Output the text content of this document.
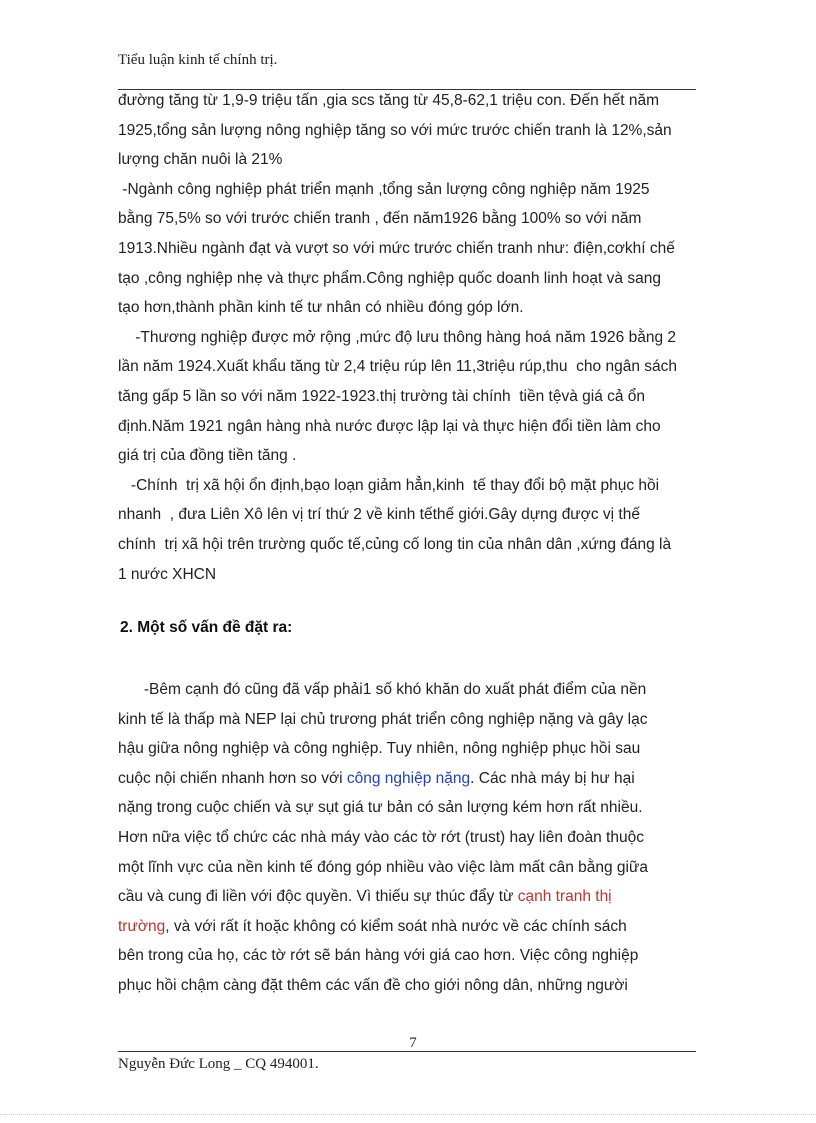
Tiểu luận kinh tế chính trị.
đường tăng từ 1,9-9 triệu tấn ,gia scs tăng từ 45,8-62,1 triệu con. Đến hết năm
1925,tổng sản lượng nông nghiệp tăng so với mức trước chiến tranh là 12%,sản
lượng chăn nuôi là 21%
-Ngành công nghiệp phát triển mạnh ,tổng sản lượng công nghiệp năm 1925
bằng 75,5% so với trước chiến tranh , đến năm1926 bằng 100% so với năm
1913.Nhiều ngành đạt và vượt so với mức trước chiến tranh như: điện,cơkhí chế
tạo ,công nghiệp nhẹ và thực phẩm.Công nghiệp quốc doanh linh hoạt và sang
tạo hơn,thành phần kinh tế tư nhân có nhiều đóng góp lớn.
-Thương nghiệp được mở rộng ,mức độ lưu thông hàng hoá năm 1926 bằng 2
lần năm 1924.Xuất khẩu tăng từ 2,4 triệu rúp lên 11,3triệu rúp,thu  cho ngân sách
tăng gấp 5 lần so với năm 1922-1923.thị trường tài chính  tiền tệvà giá cả ổn
định.Năm 1921 ngân hàng nhà nước được lập lại và thực hiện đổi tiền làm cho
giá trị của đồng tiền tăng .
-Chính  trị xã hội ổn định,bạo loạn giảm hẳn,kinh  tế thay đổi bộ mặt phục hồi
nhanh  , đưa Liên Xô lên vị trí thứ 2 về kinh tếthế giới.Gây dựng được vị thế
chính  trị xã hội trên trường quốc tế,củng cố long tin của nhân dân ,xứng đáng là
1 nước XHCN
2. Một số vấn đề đặt ra:
-Bêm cạnh đó cũng đã vấp phải1 số khó khăn do xuất phát điểm của nền
kinh tế là thấp mà NEP lại chủ trương phát triển công nghiệp nặng và gây lạc
hậu giữa nông nghiệp và công nghiệp. Tuy nhiên, nông nghiệp phục hồi sau
cuộc nội chiến nhanh hơn so với công nghiệp nặng. Các nhà máy bị hư hại
nặng trong cuộc chiến và sự sụt giá tư bản có sản lượng kém hơn rất nhiều.
Hơn nữa việc tổ chức các nhà máy vào các tờ rớt (trust) hay liên đoàn thuộc
một lĩnh vực của nền kinh tế đóng góp nhiều vào việc làm mất cân bằng giữa
cầu và cung đi liền với độc quyền. Vì thiếu sự thúc đẩy từ cạnh tranh thị
trường, và với rất ít hoặc không có kiểm soát nhà nước về các chính sách
bên trong của họ, các tờ rớt sẽ bán hàng với giá cao hơn. Việc công nghiệp
phục hồi chậm càng đặt thêm các vấn đề cho giới nông dân, những người
7
Nguyễn Đức Long _ CQ 494001.
